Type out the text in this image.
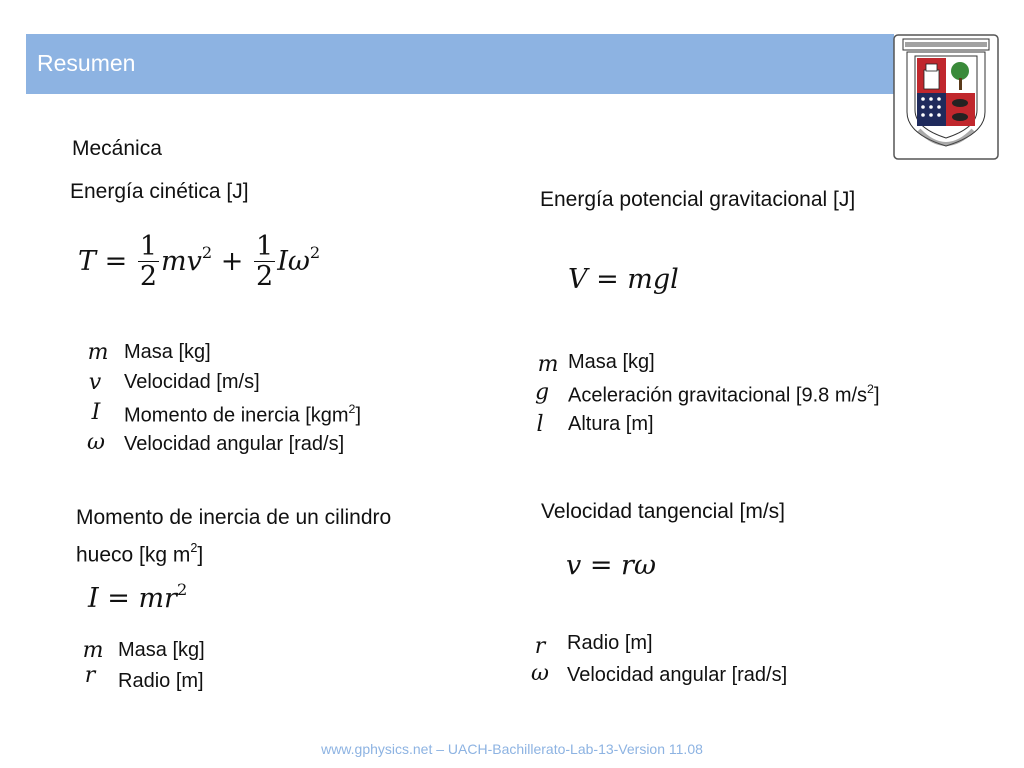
Resumen
Mecánica
Energía cinética [J]
$T = \frac{1}{2} mv^2 + \frac{1}{2} I\omega^2$
m Masa [kg]
v	Velocidad [m/s]
I	Momento de inercia [kgm$^2$]
ω Velocidad angular [rad/s]
Energía potencial gravitacional [J]
V = mgl
m Masa [kg]
g Aceleración gravitacional [9.8 $m/s^2$]
l	Altura [m]
Momento de inercia de un cilindro
hueco [kg $m^2$]
$I = mr^2$
m Masa [kg]
r	Radio [m]
Velocidad tangencial [m/s]
v = rω
r	Radio [m]
ω Velocidad angular [rad/s]
www.gphysics.net – UACH-Bachillerato-Lab-13-Version 11.08
